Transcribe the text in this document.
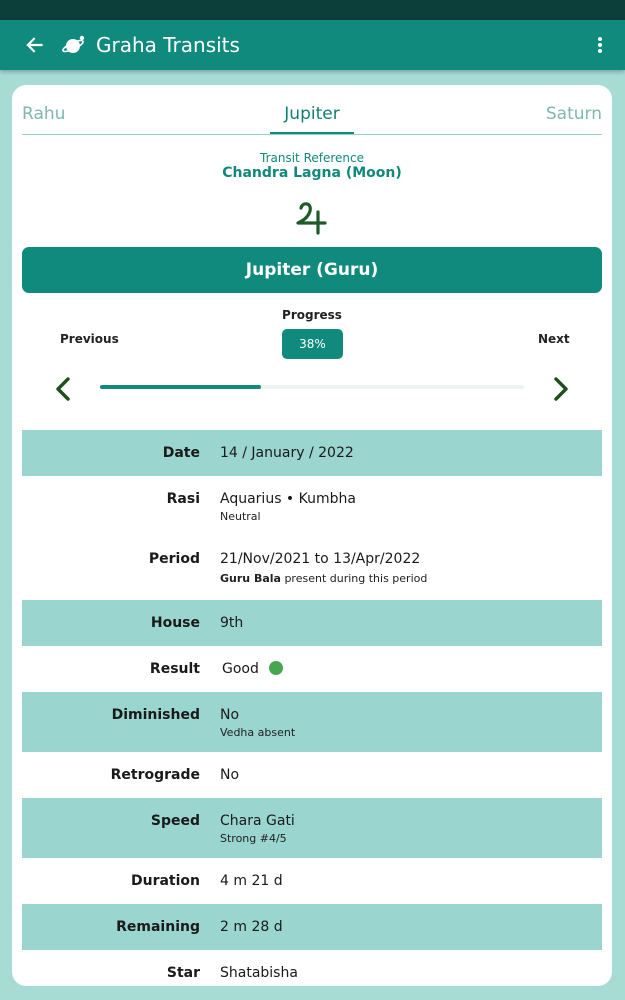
Graha Transits
Rahu	Jupiter	Saturn
Transit Reference
Chandra Lagna (Moon)
Jupiter (Guru)
Progress
38%
Previous	Next
Date 14 / January / 2022
Rasi Aquarius • Kumbha
Neutral
Period 21/Nov/2021 to 13/Apr/2022
Guru Bala present during this period
House 9th
Result Good
Diminished No
Vedha absent
Retrograde No
Speed Chara Gati
Strong #4/5
Duration 4 m 21 d
Remaining 2 m 28 d
Star Shatabisha
